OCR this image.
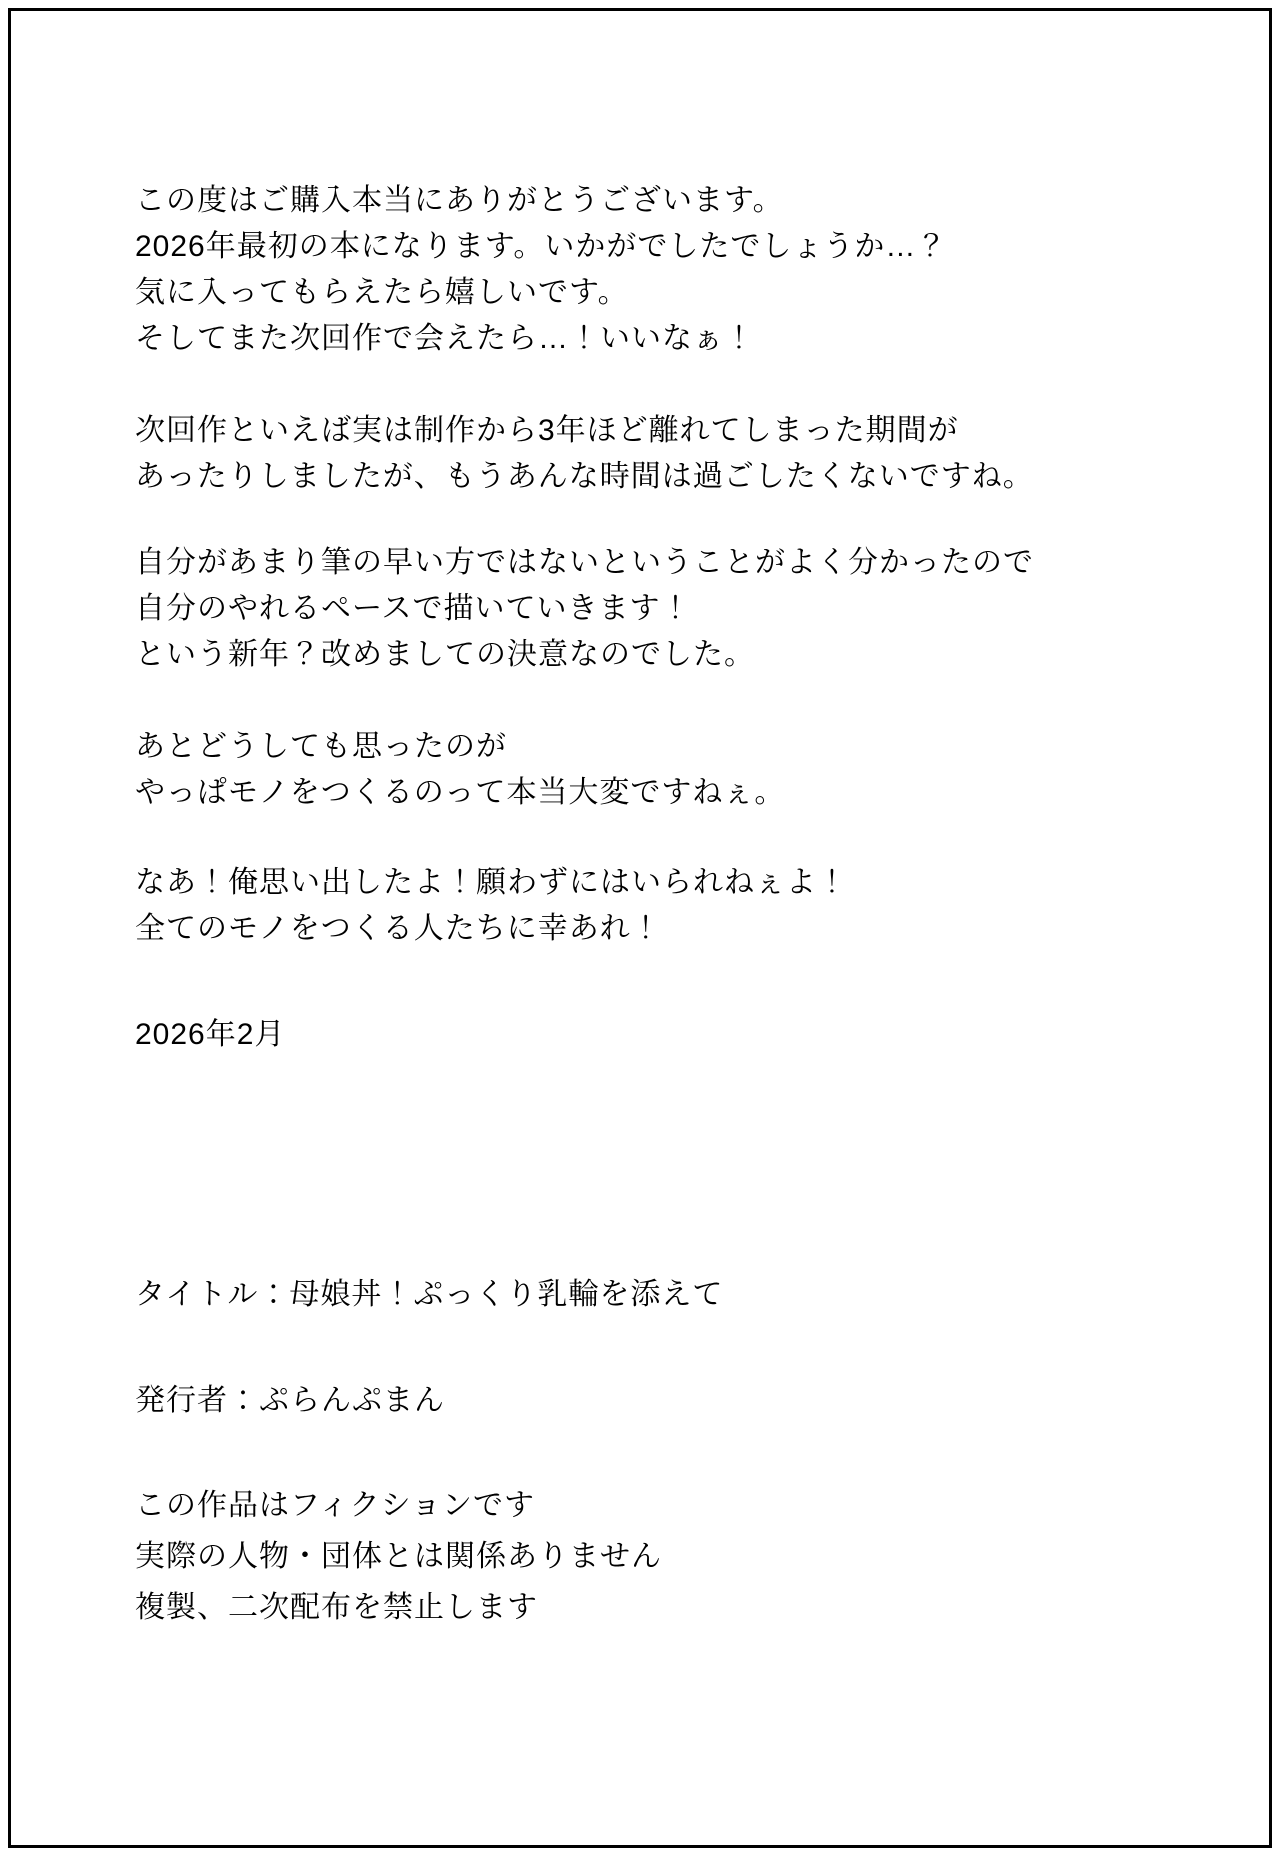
この度はご購入本当にありがとうございます。

2026年最初の本になります。いかがでしたでしょうか…？

気に入ってもらえたら嬉しいです。

そしてまた次回作で会えたら…！いいなぁ！

次回作といえば実は制作から3年ほど離れてしまった期間が

あったりしましたが、もうあんな時間は過ごしたくないですね。

自分があまり筆の早い方ではないということがよく分かったので

自分のやれるペースで描いていきます！

という新年？改めましての決意なのでした。

あとどうしても思ったのが

やっぱモノをつくるのって本当大変ですねぇ。

なあ！俺思い出したよ！願わずにはいられねぇよ！

全てのモノをつくる人たちに幸あれ！

2026年2月

タイトル：母娘丼！ぷっくり乳輪を添えて

発行者：ぷらんぷまん

この作品はフィクションです

実際の人物・団体とは関係ありません

複製、二次配布を禁止します
